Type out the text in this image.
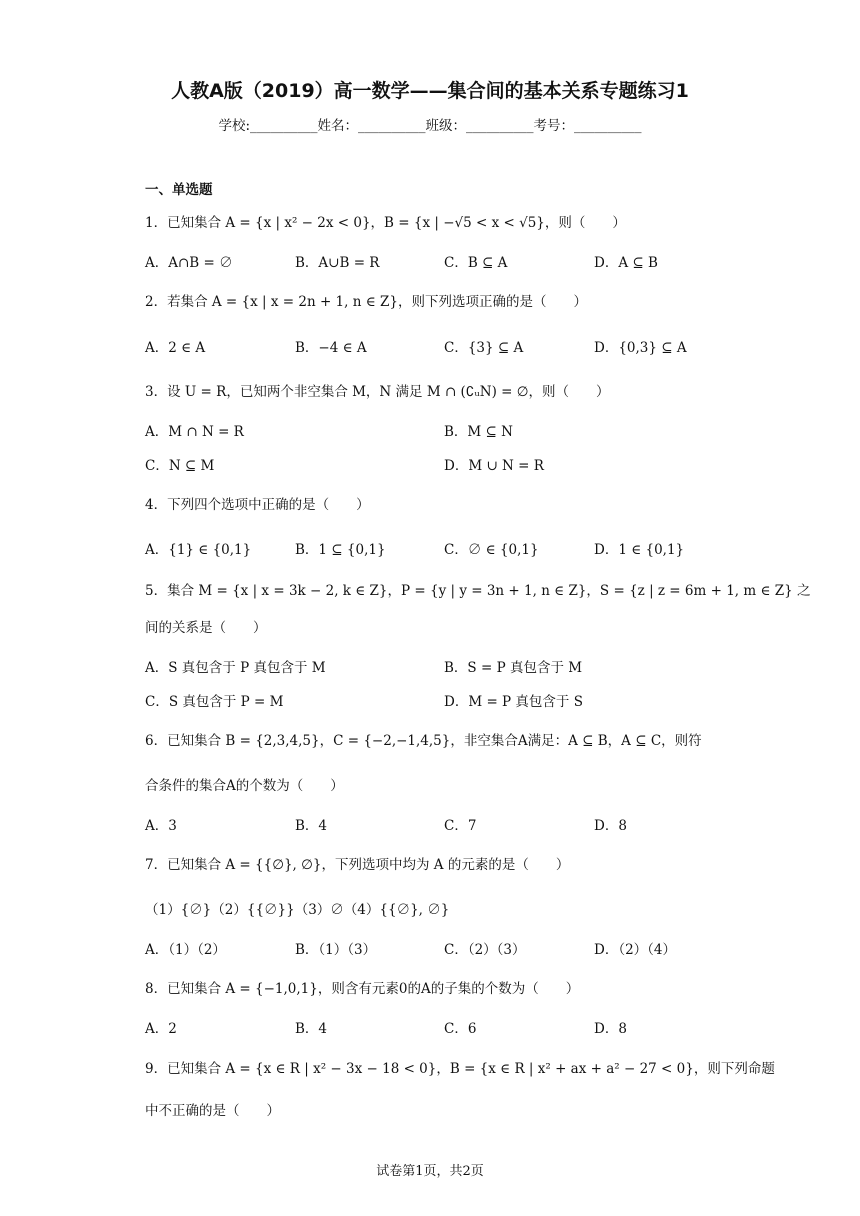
人教A版（2019）高一数学——集合间的基本关系专题练习1
学校:__________姓名：__________班级：__________考号：__________
一、单选题
1．已知集合 A = {x | x² − 2x < 0}，B = {x | −√5 < x < √5}，则（　　）
A．A∩B = ∅	B．A∪B = R	C．B ⊆ A	D．A ⊆ B
2．若集合 A = {x | x = 2n + 1, n ∈ Z}，则下列选项正确的是（　　）
A．2 ∈ A	B．−4 ∈ A	C．{3} ⊆ A	D．{0,3} ⊆ A
3．设 U = R，已知两个非空集合 M，N 满足 M ∩ (∁ᵤN) = ∅，则（　　）
A．M ∩ N = R	B．M ⊆ N
C．N ⊆ M	D．M ∪ N = R
4．下列四个选项中正确的是（　　）
A．{1} ∈ {0,1}	B．1 ⊆ {0,1}	C．∅ ∈ {0,1}	D．1 ∈ {0,1}
5．集合 M = {x | x = 3k − 2, k ∈ Z}，P = {y | y = 3n + 1, n ∈ Z}，S = {z | z = 6m + 1, m ∈ Z} 之
间的关系是（　　）
A．S 真包含于 P 真包含于 M	B．S = P 真包含于 M
C．S 真包含于 P = M	D．M = P 真包含于 S
6．已知集合 B = {2,3,4,5}，C = {−2,−1,4,5}，非空集合A满足：A ⊆ B，A ⊆ C，则符
合条件的集合A的个数为（　　）
A．3	B．4	C．7	D．8
7．已知集合 A = {{∅}, ∅}，下列选项中均为 A 的元素的是（　　）
（1）{∅}（2）{{∅}}（3）∅（4）{{∅}, ∅}
A．（1）（2）	B．（1）（3）	C．（2）（3）	D．（2）（4）
8．已知集合 A = {−1,0,1}，则含有元素0的A的子集的个数为（　　）
A．2	B．4	C．6	D．8
9．已知集合 A = {x ∈ R | x² − 3x − 18 < 0}，B = {x ∈ R | x² + ax + a² − 27 < 0}，则下列命题
中不正确的是（　　）
试卷第1页，共2页
